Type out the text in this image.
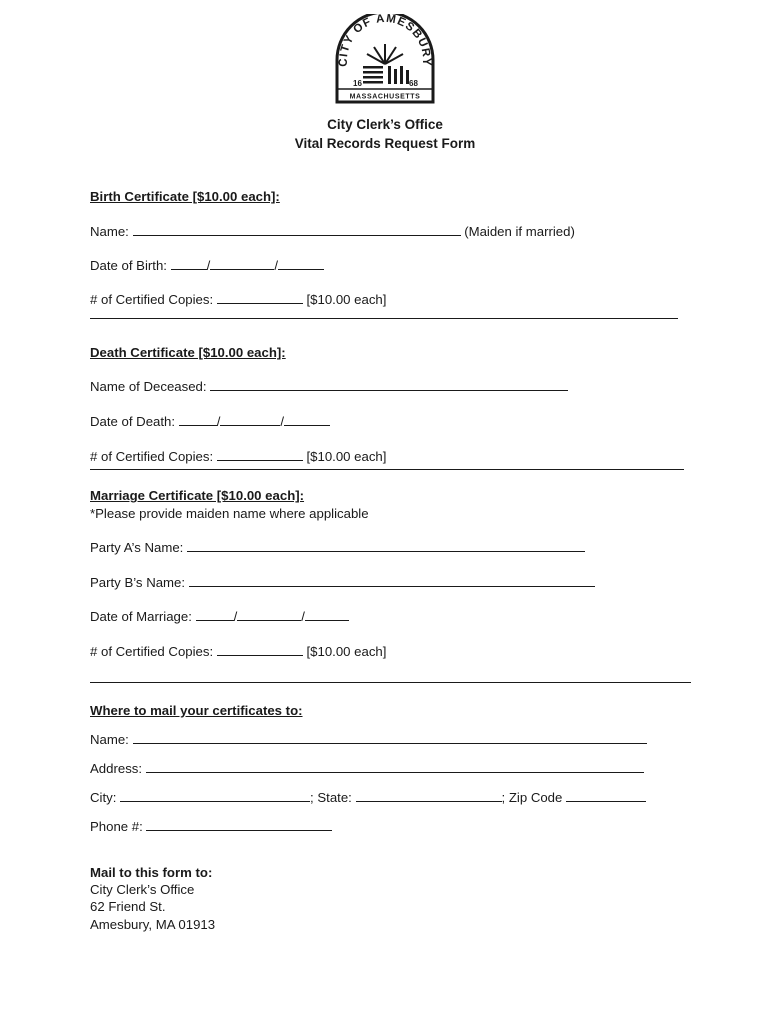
CITY OF AMESBURY
16	68
MASSACHUSETTS
City Clerk’s Office
Vital Records Request Form
Birth Certificate [$10.00 each]:
Name:	(Maiden if married)
Date of Birth:	/	/
# of Certified Copies:	[$10.00 each]
Death Certificate [$10.00 each]:
Name of Deceased:
Date of Death:	/	/
# of Certified Copies:	[$10.00 each]
Marriage Certificate [$10.00 each]:
*Please provide maiden name where applicable
Party A’s Name:
Party B’s Name:
Date of Marriage:	/	/
# of Certified Copies:	[$10.00 each]
Where to mail your certificates to:
Name:
Address:
City:	; State:	; Zip Code
Phone #:
Mail to this form to:
City Clerk’s Office
62 Friend St.
Amesbury, MA 01913
